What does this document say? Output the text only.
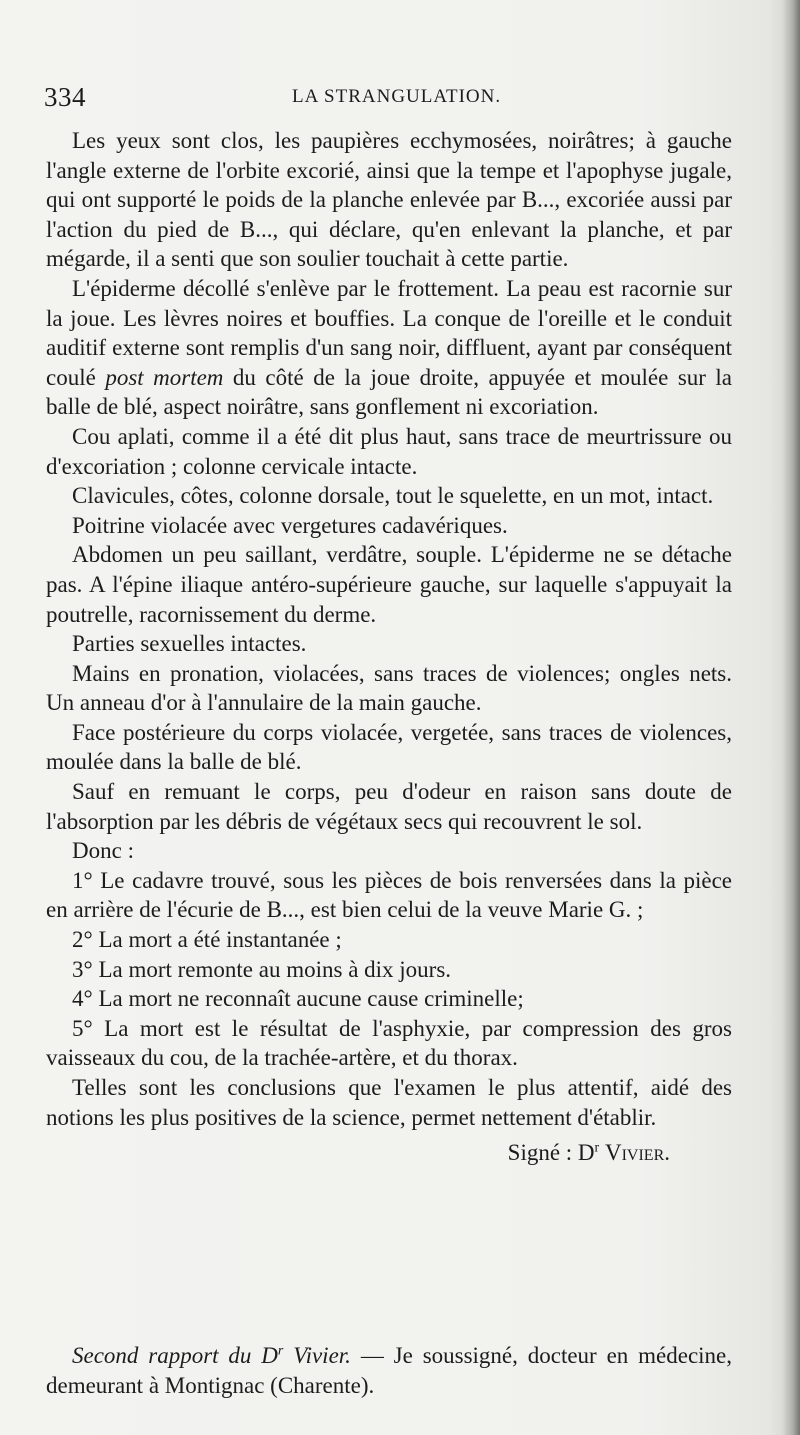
334	LA STRANGULATION.

Les yeux sont clos, les paupières ecchymosées, noirâtres; à gauche l'angle externe de l'orbite excorié, ainsi que la tempe et l'apophyse jugale, qui ont supporté le poids de la planche enlevée par B..., excoriée aussi par l'action du pied de B..., qui déclare, qu'en enlevant la planche, et par mégarde, il a senti que son soulier touchait à cette partie.

L'épiderme décollé s'enlève par le frottement. La peau est racornie sur la joue. Les lèvres noires et bouffies. La conque de l'oreille et le conduit auditif externe sont remplis d'un sang noir, diffluent, ayant par conséquent coulé post mortem du côté de la joue droite, appuyée et moulée sur la balle de blé, aspect noirâtre, sans gonflement ni excoriation.

Cou aplati, comme il a été dit plus haut, sans trace de meurtrissure ou d'excoriation ; colonne cervicale intacte.

Clavicules, côtes, colonne dorsale, tout le squelette, en un mot, intact.

Poitrine violacée avec vergetures cadavériques.

Abdomen un peu saillant, verdâtre, souple. L'épiderme ne se détache pas. A l'épine iliaque antéro-supérieure gauche, sur laquelle s'appuyait la poutrelle, racornissement du derme.

Parties sexuelles intactes.

Mains en pronation, violacées, sans traces de violences; ongles nets. Un anneau d'or à l'annulaire de la main gauche.

Face postérieure du corps violacée, vergetée, sans traces de violences, moulée dans la balle de blé.

Sauf en remuant le corps, peu d'odeur en raison sans doute de l'absorption par les débris de végétaux secs qui recouvrent le sol.

Donc :

1° Le cadavre trouvé, sous les pièces de bois renversées dans la pièce en arrière de l'écurie de B..., est bien celui de la veuve Marie G. ;

2° La mort a été instantanée ;

3° La mort remonte au moins à dix jours.

4° La mort ne reconnaît aucune cause criminelle;

5° La mort est le résultat de l'asphyxie, par compression des gros vaisseaux du cou, de la trachée-artère, et du thorax.

Telles sont les conclusions que l'examen le plus attentif, aidé des notions les plus positives de la science, permet nettement d'établir.

Signé : $D^r$ Vivier.

Second rapport du $D^r$ Vivier. — Je soussigné, docteur en médecine, demeurant à Montignac (Charente).
